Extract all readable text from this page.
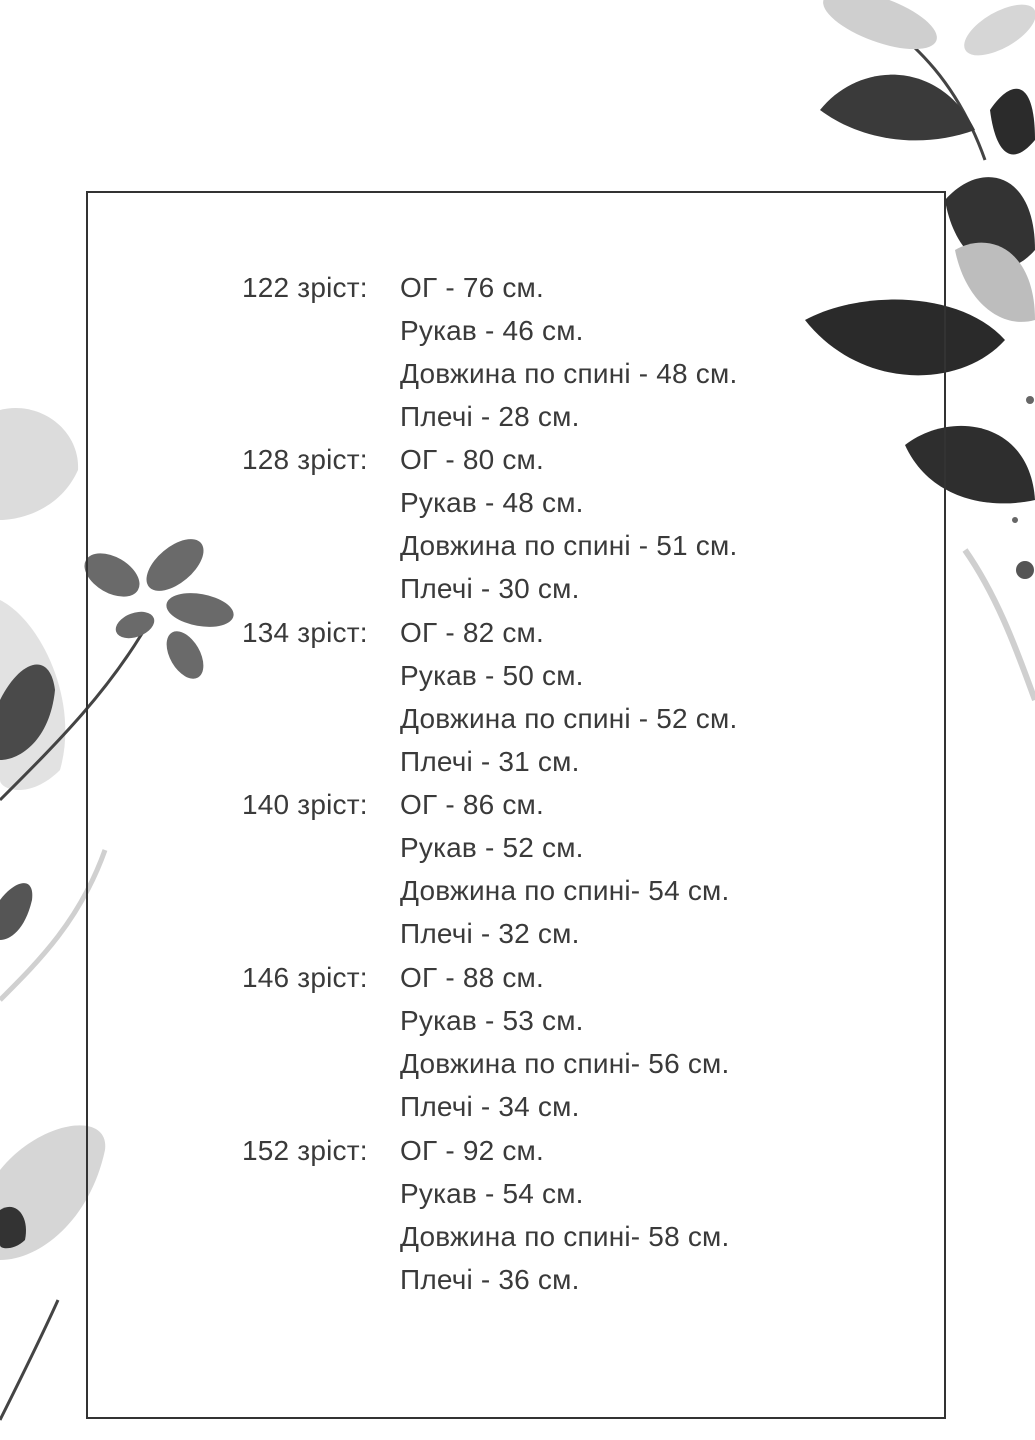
122 зріст: ОГ - 76 см.
Рукав - 46 см.
Довжина по спині - 48 см.
Плечі - 28 см.
128 зріст: ОГ - 80 см.
Рукав - 48 см.
Довжина по спині - 51 см.
Плечі - 30 см.
134 зріст: ОГ - 82 см.
Рукав - 50 см.
Довжина по спині - 52 см.
Плечі - 31 см.
140 зріст: ОГ - 86 см.
Рукав - 52 см.
Довжина по спині- 54 см.
Плечі - 32 см.
146 зріст: ОГ - 88 см.
Рукав - 53 см.
Довжина по спині- 56 см.
Плечі - 34 см.
152 зріст: ОГ - 92 см.
Рукав - 54 см.
Довжина по спині- 58 см.
Плечі - 36 см.
